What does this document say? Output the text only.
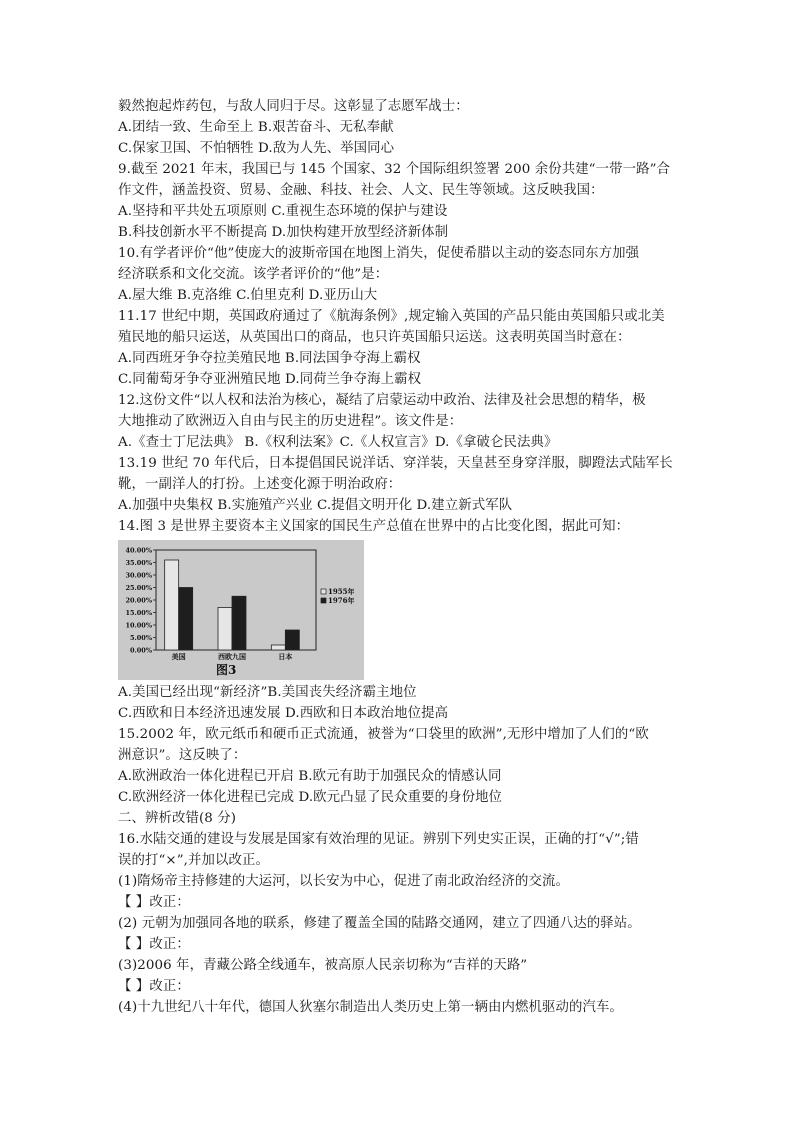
毅然抱起炸药包，与敌人同归于尽。这彰显了志愿军战士：
A.团结一致、生命至上 B.艰苦奋斗、无私奉献
C.保家卫国、不怕牺牲 D.敌为人先、举国同心
9.截至 2021 年末，我国已与 145 个国家、32 个国际组织签署 200 余份共建“一带一路”合
作文件，涵盖投资、贸易、金融、科技、社会、人文、民生等领域。这反映我国：
A.坚持和平共处五项原则 C.重视生态环境的保护与建设
B.科技创新水平不断提高 D.加快构建开放型经济新体制
10.有学者评价“他”使庞大的波斯帝国在地图上消失，促使希腊以主动的姿态同东方加强
经济联系和文化交流。该学者评价的“他”是：
A.屋大维 B.克洛维 C.伯里克利 D.亚历山大
11.17 世纪中期，英国政府通过了《航海条例》,规定输入英国的产品只能由英国船只或北美
殖民地的船只运送，从英国出口的商品，也只许英国船只运送。这表明英国当时意在：
A.同西班牙争夺拉美殖民地 B.同法国争夺海上霸权
C.同葡萄牙争夺亚洲殖民地 D.同荷兰争夺海上霸权
12.这份文件“以人权和法治为核心，凝结了启蒙运动中政治、法律及社会思想的精华，极
大地推动了欧洲迈入自由与民主的历史进程”。该文件是：
A.《查士丁尼法典》 B.《权利法案》C.《人权宣言》D.《拿破仑民法典》
13.19 世纪 70 年代后，日本提倡国民说洋话、穿洋装，天皇甚至身穿洋服，脚蹬法式陆军长
靴，一副洋人的打扮。上述变化源于明治政府：
A.加强中央集权 B.实施殖产兴业 C.提倡文明开化 D.建立新式军队
14.图 3 是世界主要资本主义国家的国民生产总值在世界中的占比变化图，据此可知：
0.00%
5.00%
10.00%
15.00%
20.00%
25.00%
30.00%
35.00%
40.00%
美国	西欧九国	日本
1955年
1976年
图3
A.美国已经出现“新经济”B.美国丧失经济霸主地位
C.西欧和日本经济迅速发展 D.西欧和日本政治地位提高
15.2002 年，欧元纸币和硬币正式流通，被誉为“口袋里的欧洲”,无形中增加了人们的“欧
洲意识”。这反映了：
A.欧洲政治一体化进程已开启 B.欧元有助于加强民众的情感认同
C.欧洲经济一体化进程已完成 D.欧元凸显了民众重要的身份地位
二、辨析改错(8 分)
16.水陆交通的建设与发展是国家有效治理的见证。辨别下列史实正误，正确的打“√”;错
误的打“×”,并加以改正。
(1)隋炀帝主持修建的大运河，以长安为中心，促进了南北政治经济的交流。
【 】改正：
(2) 元朝为加强同各地的联系，修建了覆盖全国的陆路交通网，建立了四通八达的驿站。
【 】改正：
(3)2006 年，青藏公路全线通车，被高原人民亲切称为“吉祥的天路”
【 】改正：
(4)十九世纪八十年代，德国人狄塞尔制造出人类历史上第一辆由内燃机驱动的汽车。
